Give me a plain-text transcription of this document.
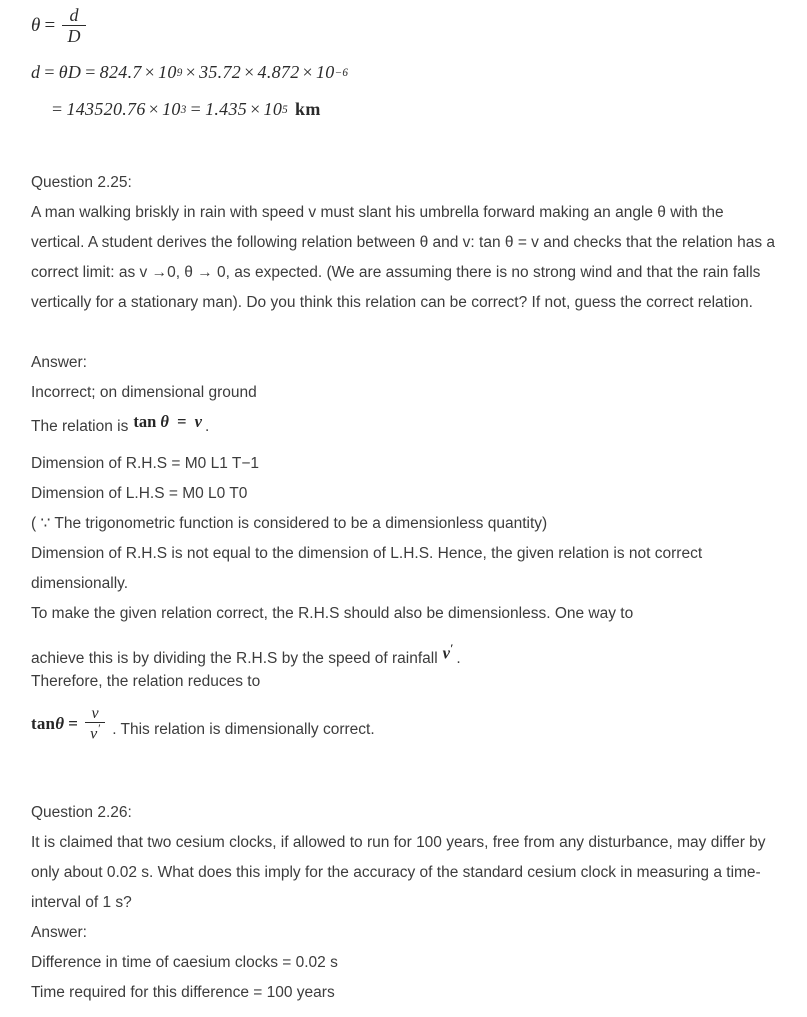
$\theta = \frac{d}{D}$
d = θD = 824.7 × 10 9 × 35.72 × 4.872 × 10 −6
= 143520.76 × 10 3 = 1.435 × 10 5 km

Question 2.25:

A man walking briskly in rain with speed v must slant his umbrella forward making an angle θ with the vertical. A student derives the following relation between θ and v: tan θ = v and checks that the relation has a correct limit: as v →0, θ → 0, as expected. (We are assuming there is no strong wind and that the rain falls vertically for a stationary man). Do you think this relation can be correct? If not, guess the correct relation.

Answer:

Incorrect; on dimensional ground

The relation is tan θ = v .

Dimension of R.H.S = M0 L1 T−1

Dimension of L.H.S = M0 L0 T0

( ∵ The trigonometric function is considered to be a dimensionless quantity)

Dimension of R.H.S is not equal to the dimension of L.H.S. Hence, the given relation is not correct dimensionally.

To make the given relation correct, the R.H.S should also be dimensionless. One way to

achieve this is by dividing the R.H.S by the speed of rainfall v′
.

Therefore, the relation reduces to

$\tan \theta = \frac{v}{v'}$ . This relation is dimensionally correct.

Question 2.26:

It is claimed that two cesium clocks, if allowed to run for 100 years, free from any disturbance, may differ by only about 0.02 s. What does this imply for the accuracy of the standard cesium clock in measuring a time-interval of 1 s?

Answer:

Difference in time of caesium clocks = 0.02 s

Time required for this difference = 100 years
